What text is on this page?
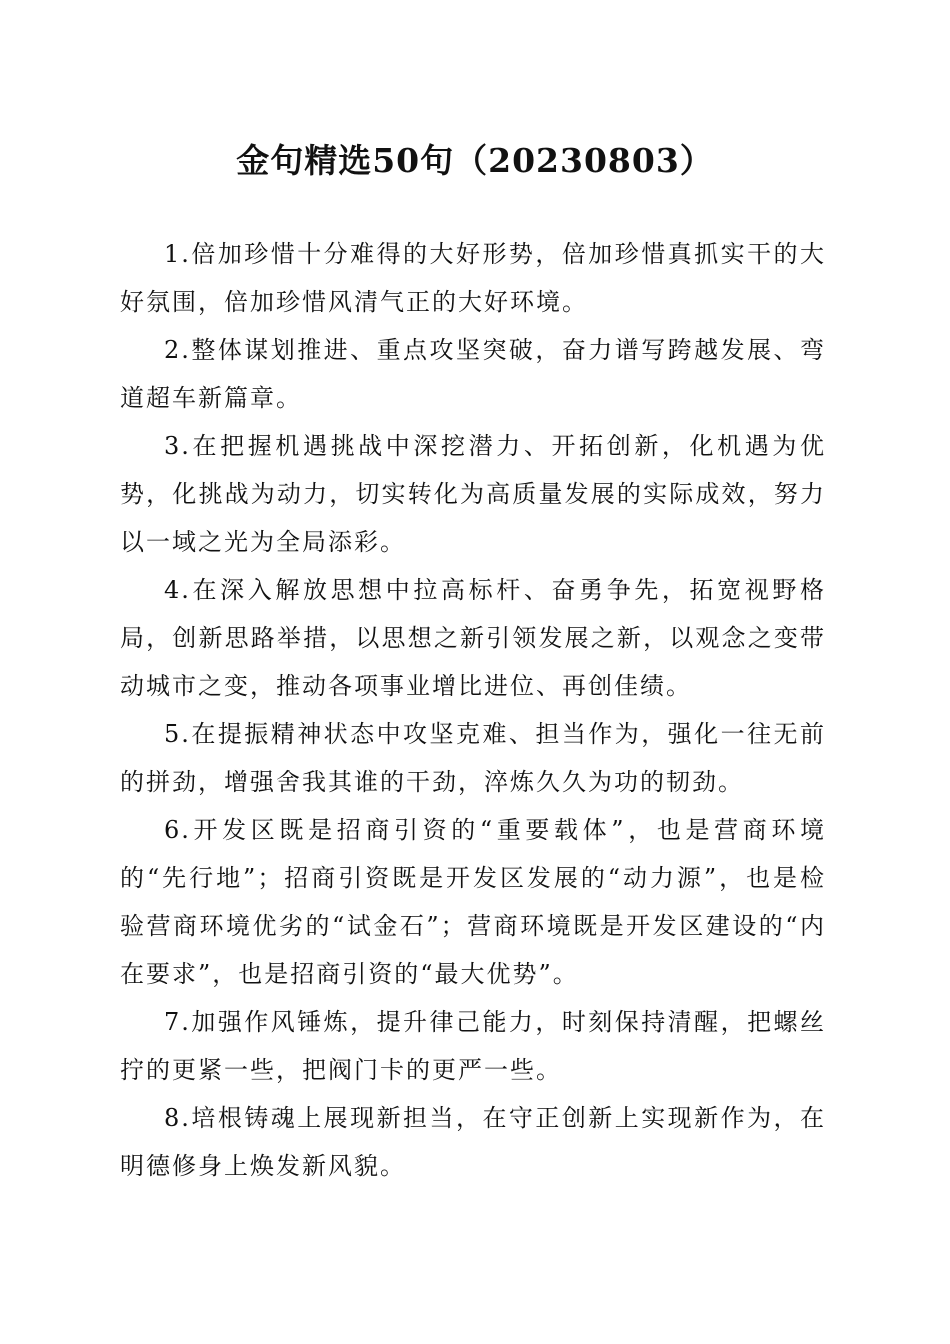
金句精选50句（20230803）

1.倍加珍惜十分难得的大好形势，倍加珍惜真抓实干的大好氛围，倍加珍惜风清气正的大好环境。

2.整体谋划推进、重点攻坚突破，奋力谱写跨越发展、弯道超车新篇章。

3.在把握机遇挑战中深挖潜力、开拓创新，化机遇为优势，化挑战为动力，切实转化为高质量发展的实际成效，努力以一域之光为全局添彩。

4.在深入解放思想中拉高标杆、奋勇争先，拓宽视野格局，创新思路举措，以思想之新引领发展之新，以观念之变带动城市之变，推动各项事业增比进位、再创佳绩。

5.在提振精神状态中攻坚克难、担当作为，强化一往无前的拼劲，增强舍我其谁的干劲，淬炼久久为功的韧劲。

6.开发区既是招商引资的“重要载体”，也是营商环境的“先行地”；招商引资既是开发区发展的“动力源”，也是检验营商环境优劣的“试金石”；营商环境既是开发区建设的“内在要求”，也是招商引资的“最大优势”。

7.加强作风锤炼，提升律己能力，时刻保持清醒，把螺丝拧的更紧一些，把阀门卡的更严一些。

8.培根铸魂上展现新担当，在守正创新上实现新作为，在明德修身上焕发新风貌。
